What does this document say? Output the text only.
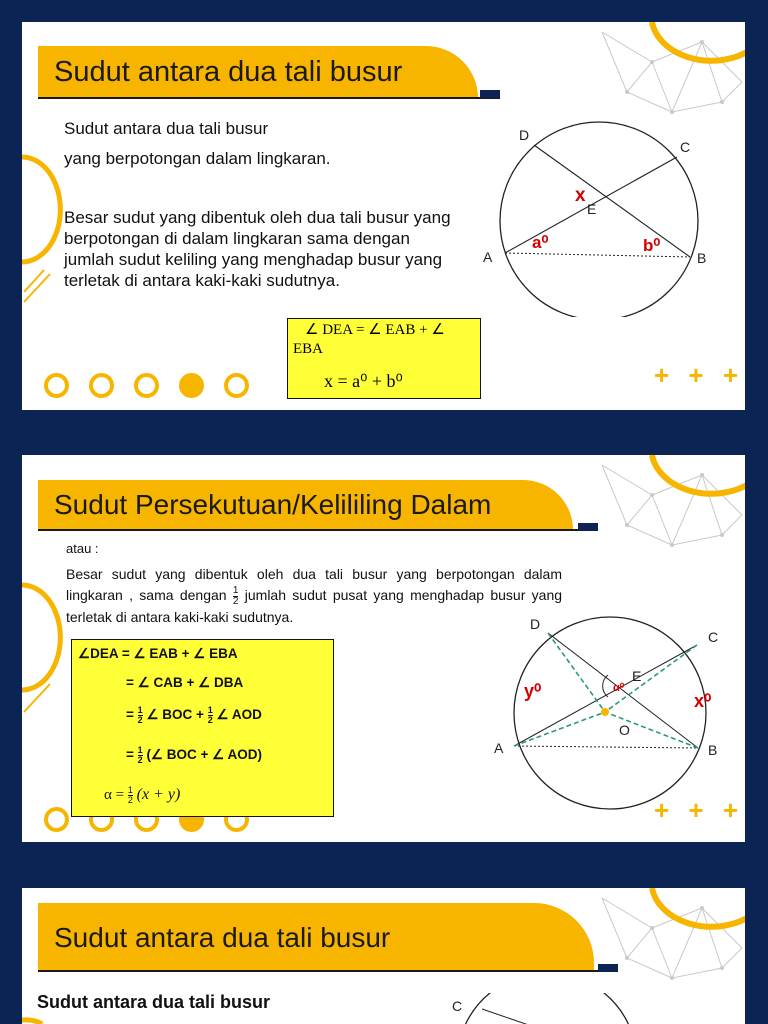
Sudut antara dua tali busur
Sudut antara dua tali busur
yang berpotongan dalam lingkaran.
Besar sudut yang dibentuk oleh dua tali busur yang berpotongan di dalam lingkaran sama dengan jumlah sudut keliling yang menghadap busur yang terletak di antara kaki-kaki sudutnya.
∠ DEA = ∠ EAB + ∠ EBA
x = a⁰ + b⁰
D
C
A	B
E
x
a⁰	b⁰
+ + +
Sudut Persekutuan/Kelililing Dalam
atau :
Besar sudut yang dibentuk oleh dua tali busur yang berpotongan dalam lingkaran , sama dengan $\frac{1}{2}$ jumlah sudut pusat yang menghadap busur yang terletak di antara kaki-kaki sudutnya.
∠DEA = ∠ EAB + ∠ EBA
= ∠ CAB + ∠ DBA
= $\frac{1}{2}$ ∠ BOC + $\frac{1}{2}$ ∠ AOD
= $\frac{1}{2}$ (∠ BOC + ∠ AOD)
$\alpha = \frac{1}{2} (x + y)$
D
C
A	B
E
O
α⁰
y⁰	x⁰
+ + +
Sudut antara dua tali busur
Sudut antara dua tali busur	C
